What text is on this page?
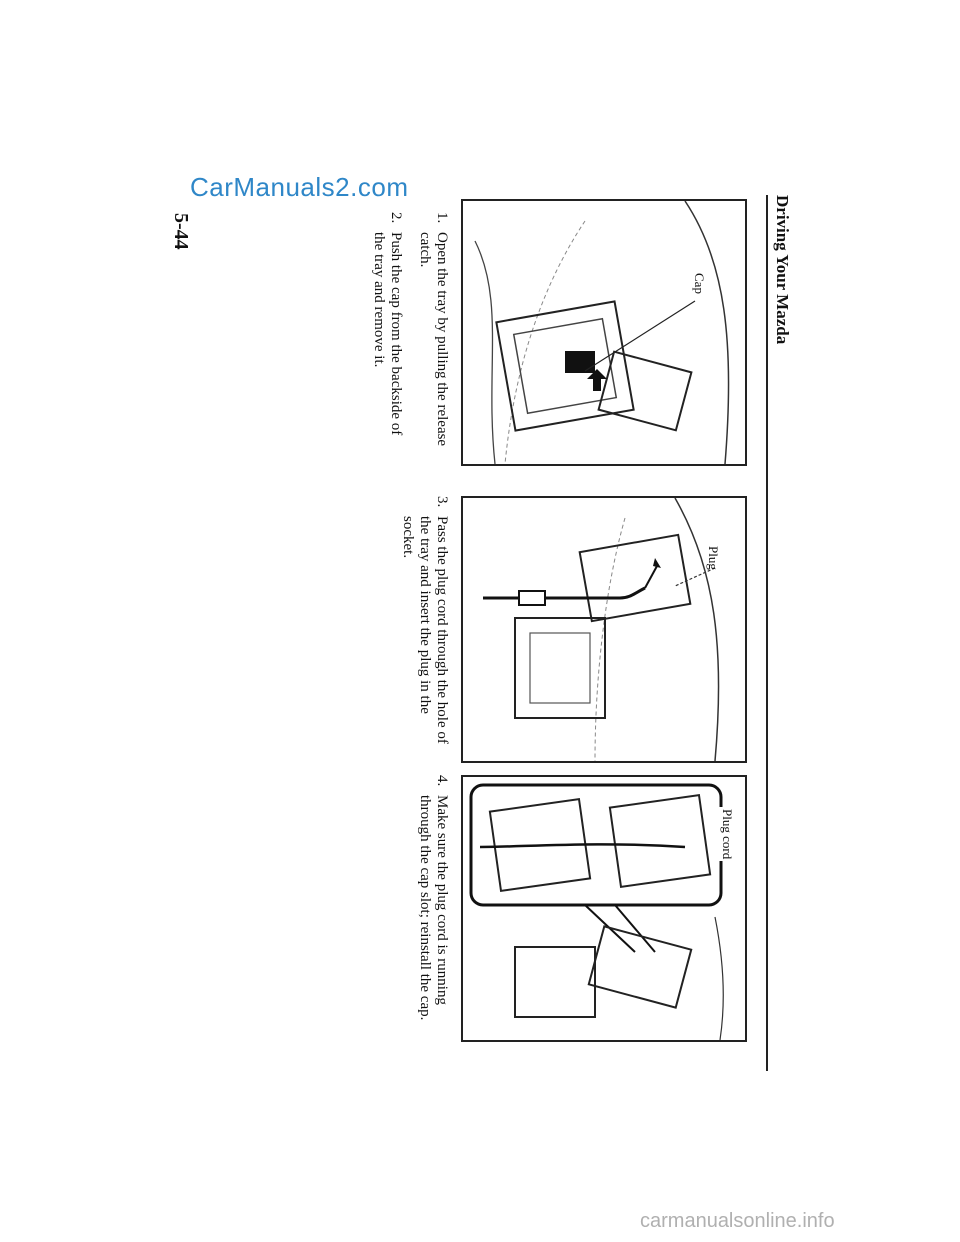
Driving Your Mazda
Cap
Plug
Plug cord
1.
Open the tray by pulling the release catch.
2.
Push the cap from the backside of the tray and remove it.
3.
Pass the plug cord through the hole of the tray and insert the plug in the socket.
4.
Make sure the plug cord is running through the cap slot; reinstall the cap.
5-44
CarManuals2.com
carmanualsonline.info
